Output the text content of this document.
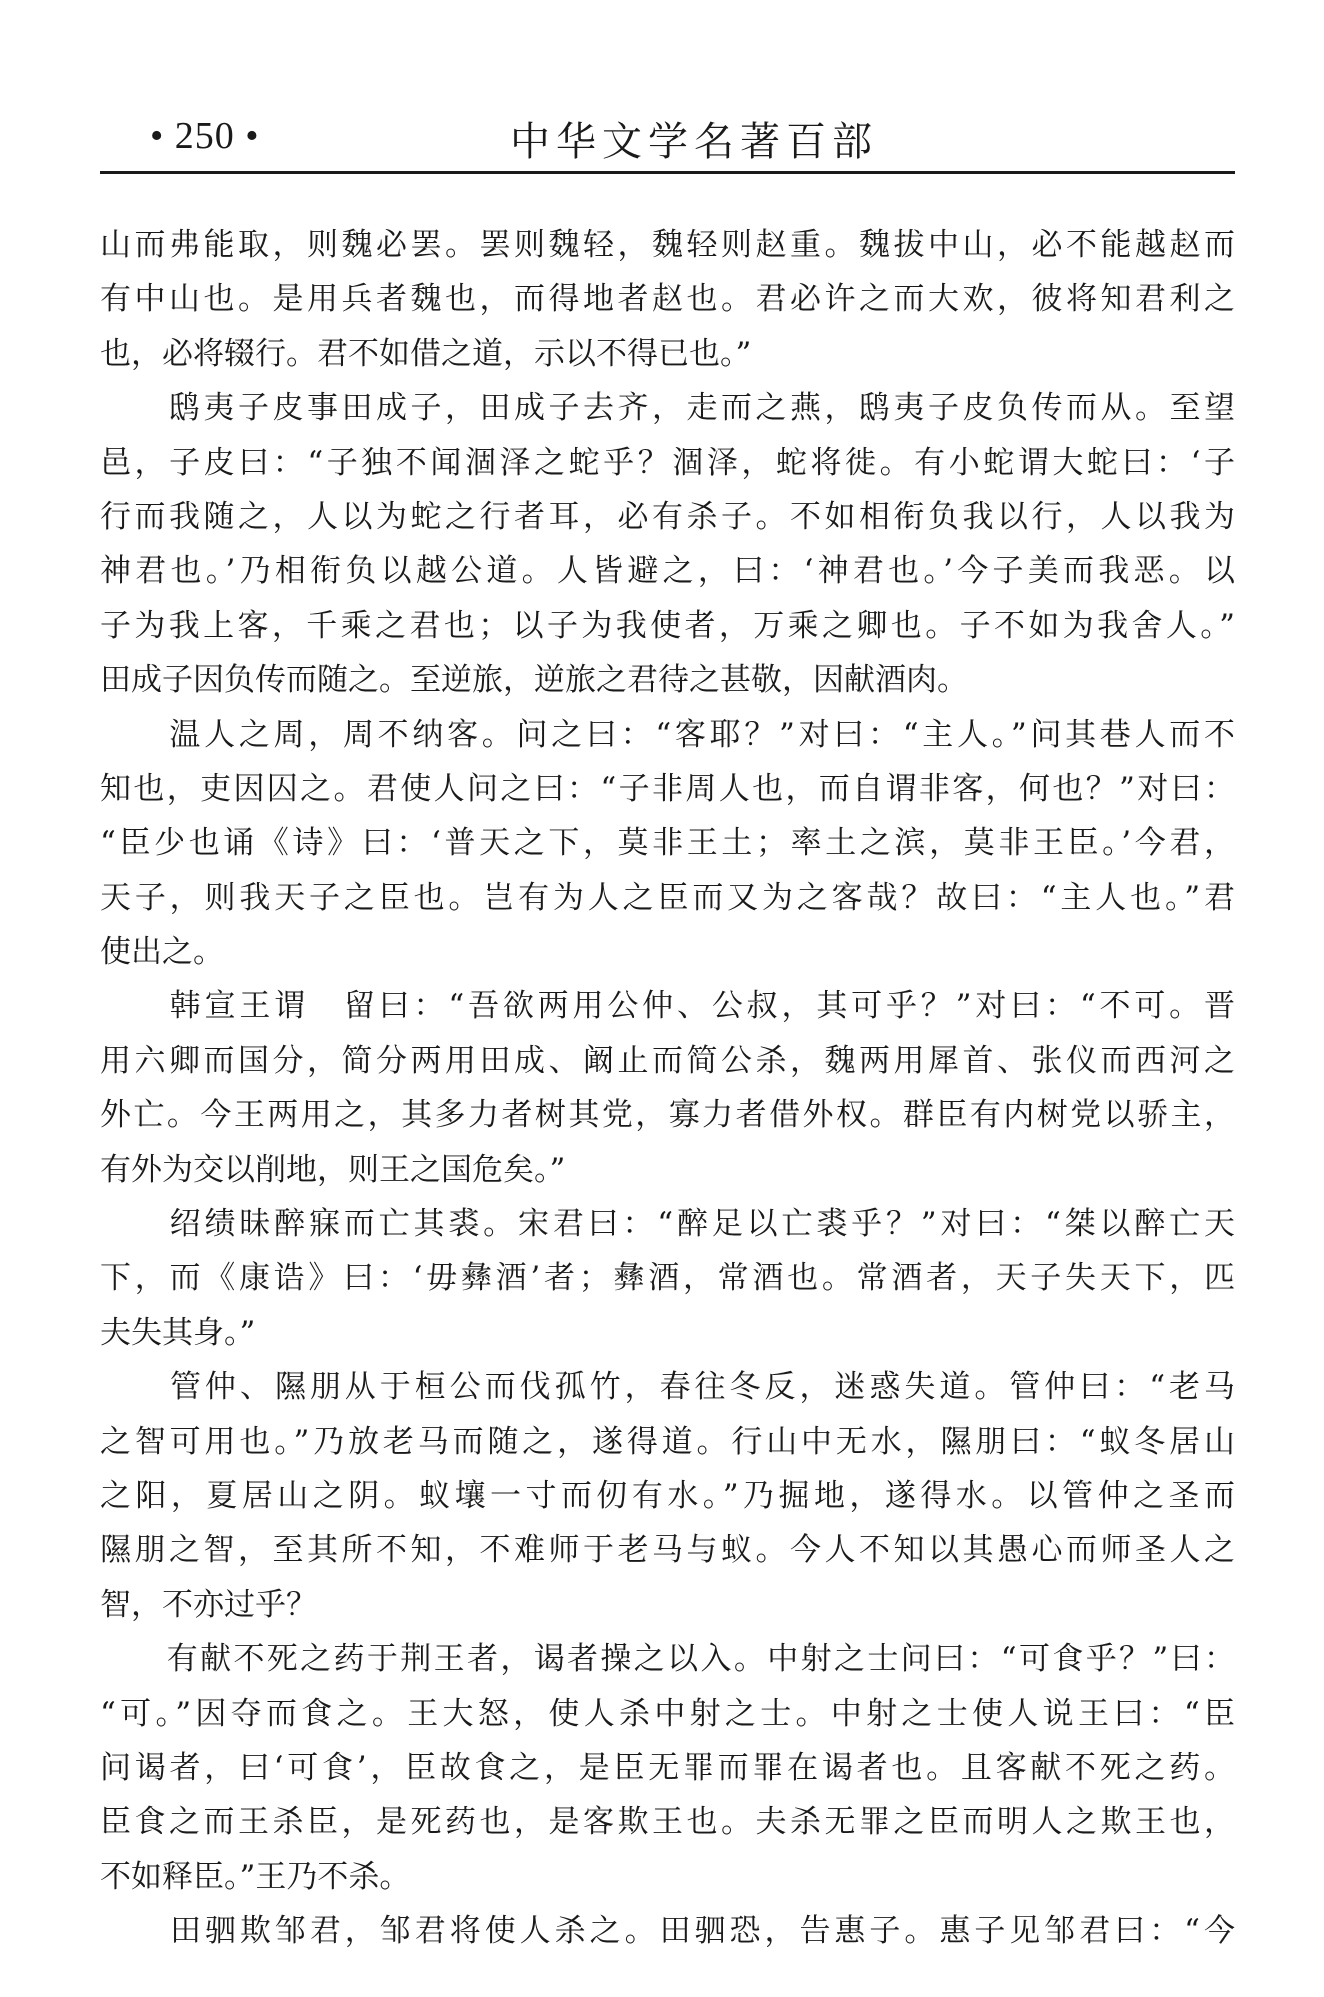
• 250 •	中华文学名著百部
山而弗能取，则魏必罢。罢则魏轻，魏轻则赵重。魏拔中山，必不能越赵而
有中山也。是用兵者魏也，而得地者赵也。君必许之而大欢，彼将知君利之
也，必将辍行。君不如借之道，示以不得已也。”
　　鸱夷子皮事田成子，田成子去齐，走而之燕，鸱夷子皮负传而从。至望
邑，子皮曰：“子独不闻涸泽之蛇乎？涸泽，蛇将徙。有小蛇谓大蛇曰：‘子
行而我随之，人以为蛇之行者耳，必有杀子。不如相衔负我以行，人以我为
神君也。’乃相衔负以越公道。人皆避之，曰：‘神君也。’今子美而我恶。以
子为我上客，千乘之君也；以子为我使者，万乘之卿也。子不如为我舍人。”
田成子因负传而随之。至逆旅，逆旅之君待之甚敬，因献酒肉。
　　温人之周，周不纳客。问之曰：“客耶？”对曰：“主人。”问其巷人而不
知也，吏因囚之。君使人问之曰：“子非周人也，而自谓非客，何也？”对曰：
“臣少也诵《诗》曰：‘普天之下，莫非王土；率土之滨，莫非王臣。’今君，
天子，则我天子之臣也。岂有为人之臣而又为之客哉？故曰：“主人也。”君
使出之。
　　韩宣王谓　留曰：“吾欲两用公仲、公叔，其可乎？”对曰：“不可。晋
用六卿而国分，简分两用田成、阚止而简公杀，魏两用犀首、张仪而西河之
外亡。今王两用之，其多力者树其党，寡力者借外权。群臣有内树党以骄主，
有外为交以削地，则王之国危矣。”
　　绍绩昧醉寐而亡其裘。宋君曰：“醉足以亡裘乎？”对曰：“桀以醉亡天
下，而《康诰》曰：‘毋彝酒’者；彝酒，常酒也。常酒者，天子失天下，匹
夫失其身。”
　　管仲、隰朋从于桓公而伐孤竹，春往冬反，迷惑失道。管仲曰：“老马
之智可用也。”乃放老马而随之，遂得道。行山中无水，隰朋曰：“蚁冬居山
之阳，夏居山之阴。蚁壤一寸而仞有水。”乃掘地，遂得水。以管仲之圣而
隰朋之智，至其所不知，不难师于老马与蚁。今人不知以其愚心而师圣人之
智，不亦过乎？
　　有献不死之药于荆王者，谒者操之以入。中射之士问曰：“可食乎？”曰：
“可。”因夺而食之。王大怒，使人杀中射之士。中射之士使人说王曰：“臣
问谒者，曰‘可食’，臣故食之，是臣无罪而罪在谒者也。且客献不死之药。
臣食之而王杀臣，是死药也，是客欺王也。夫杀无罪之臣而明人之欺王也，
不如释臣。”王乃不杀。
　　田驷欺邹君，邹君将使人杀之。田驷恐，告惠子。惠子见邹君曰：“今
